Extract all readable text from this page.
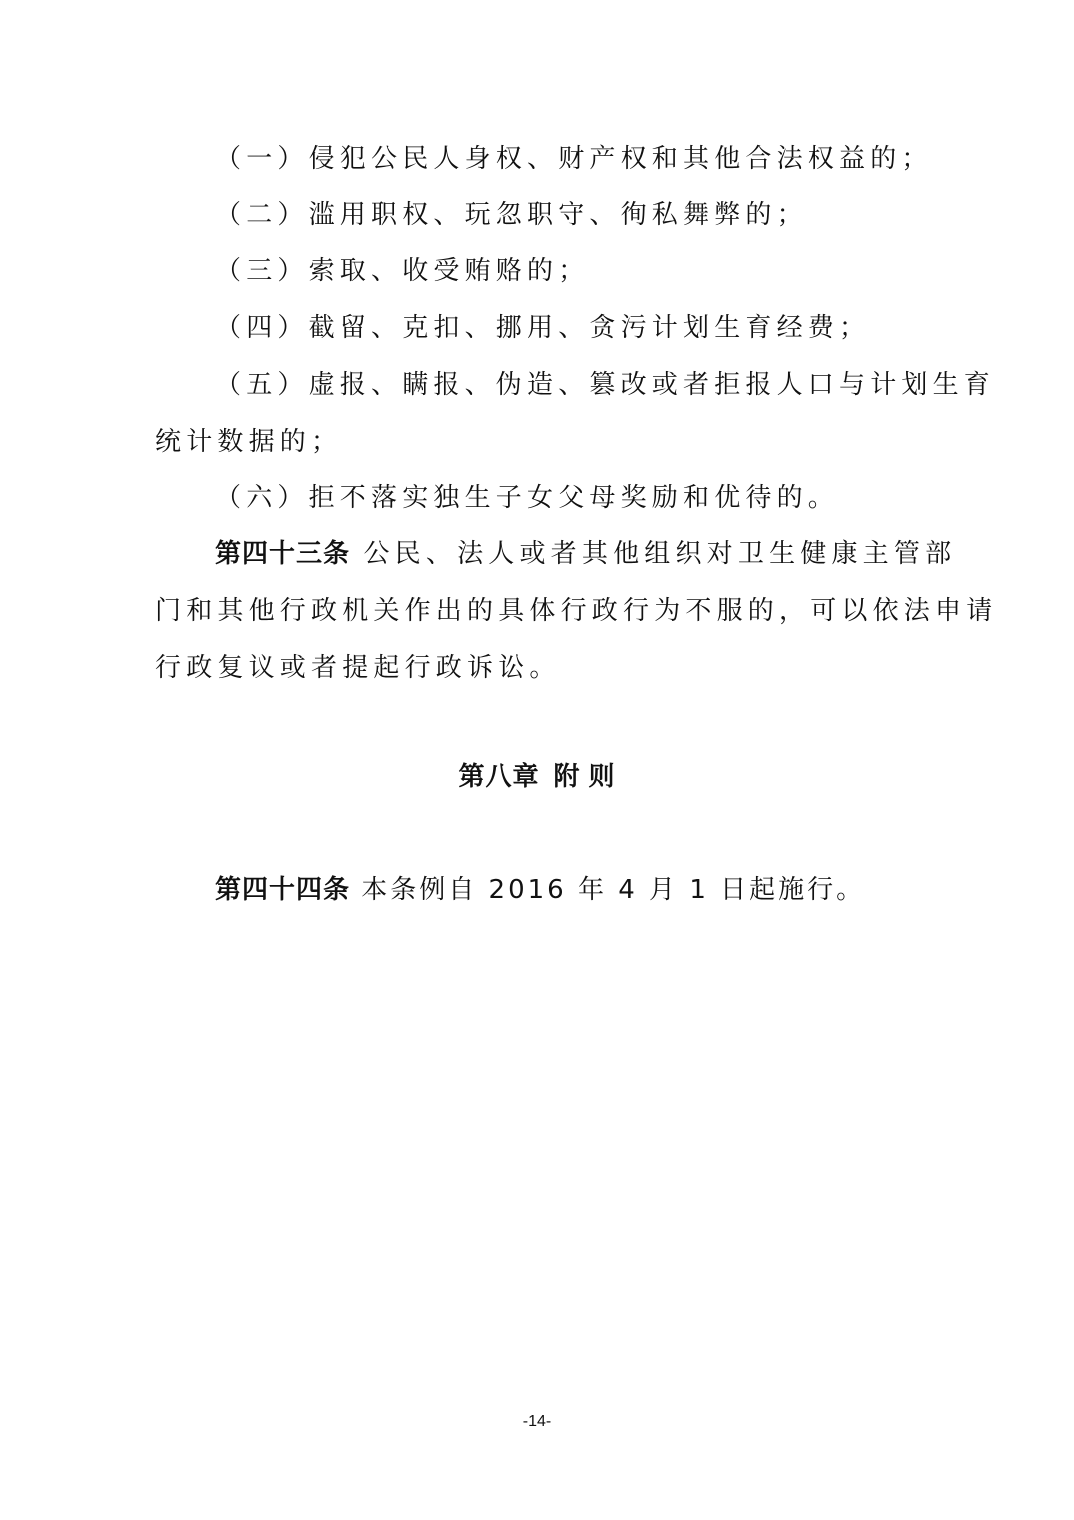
（一）侵犯公民人身权、财产权和其他合法权益的；
（二）滥用职权、玩忽职守、徇私舞弊的；
（三）索取、收受贿赂的；
（四）截留、克扣、挪用、贪污计划生育经费；
（五）虚报、瞒报、伪造、篡改或者拒报人口与计划生育
统计数据的；
（六）拒不落实独生子女父母奖励和优待的。
第四十三条 公民、法人或者其他组织对卫生健康主管部
门和其他行政机关作出的具体行政行为不服的，可以依法申请
行政复议或者提起行政诉讼。
第八章 附 则
第四十四条 本条例自 2016 年 4 月 1 日起施行。
-14-
